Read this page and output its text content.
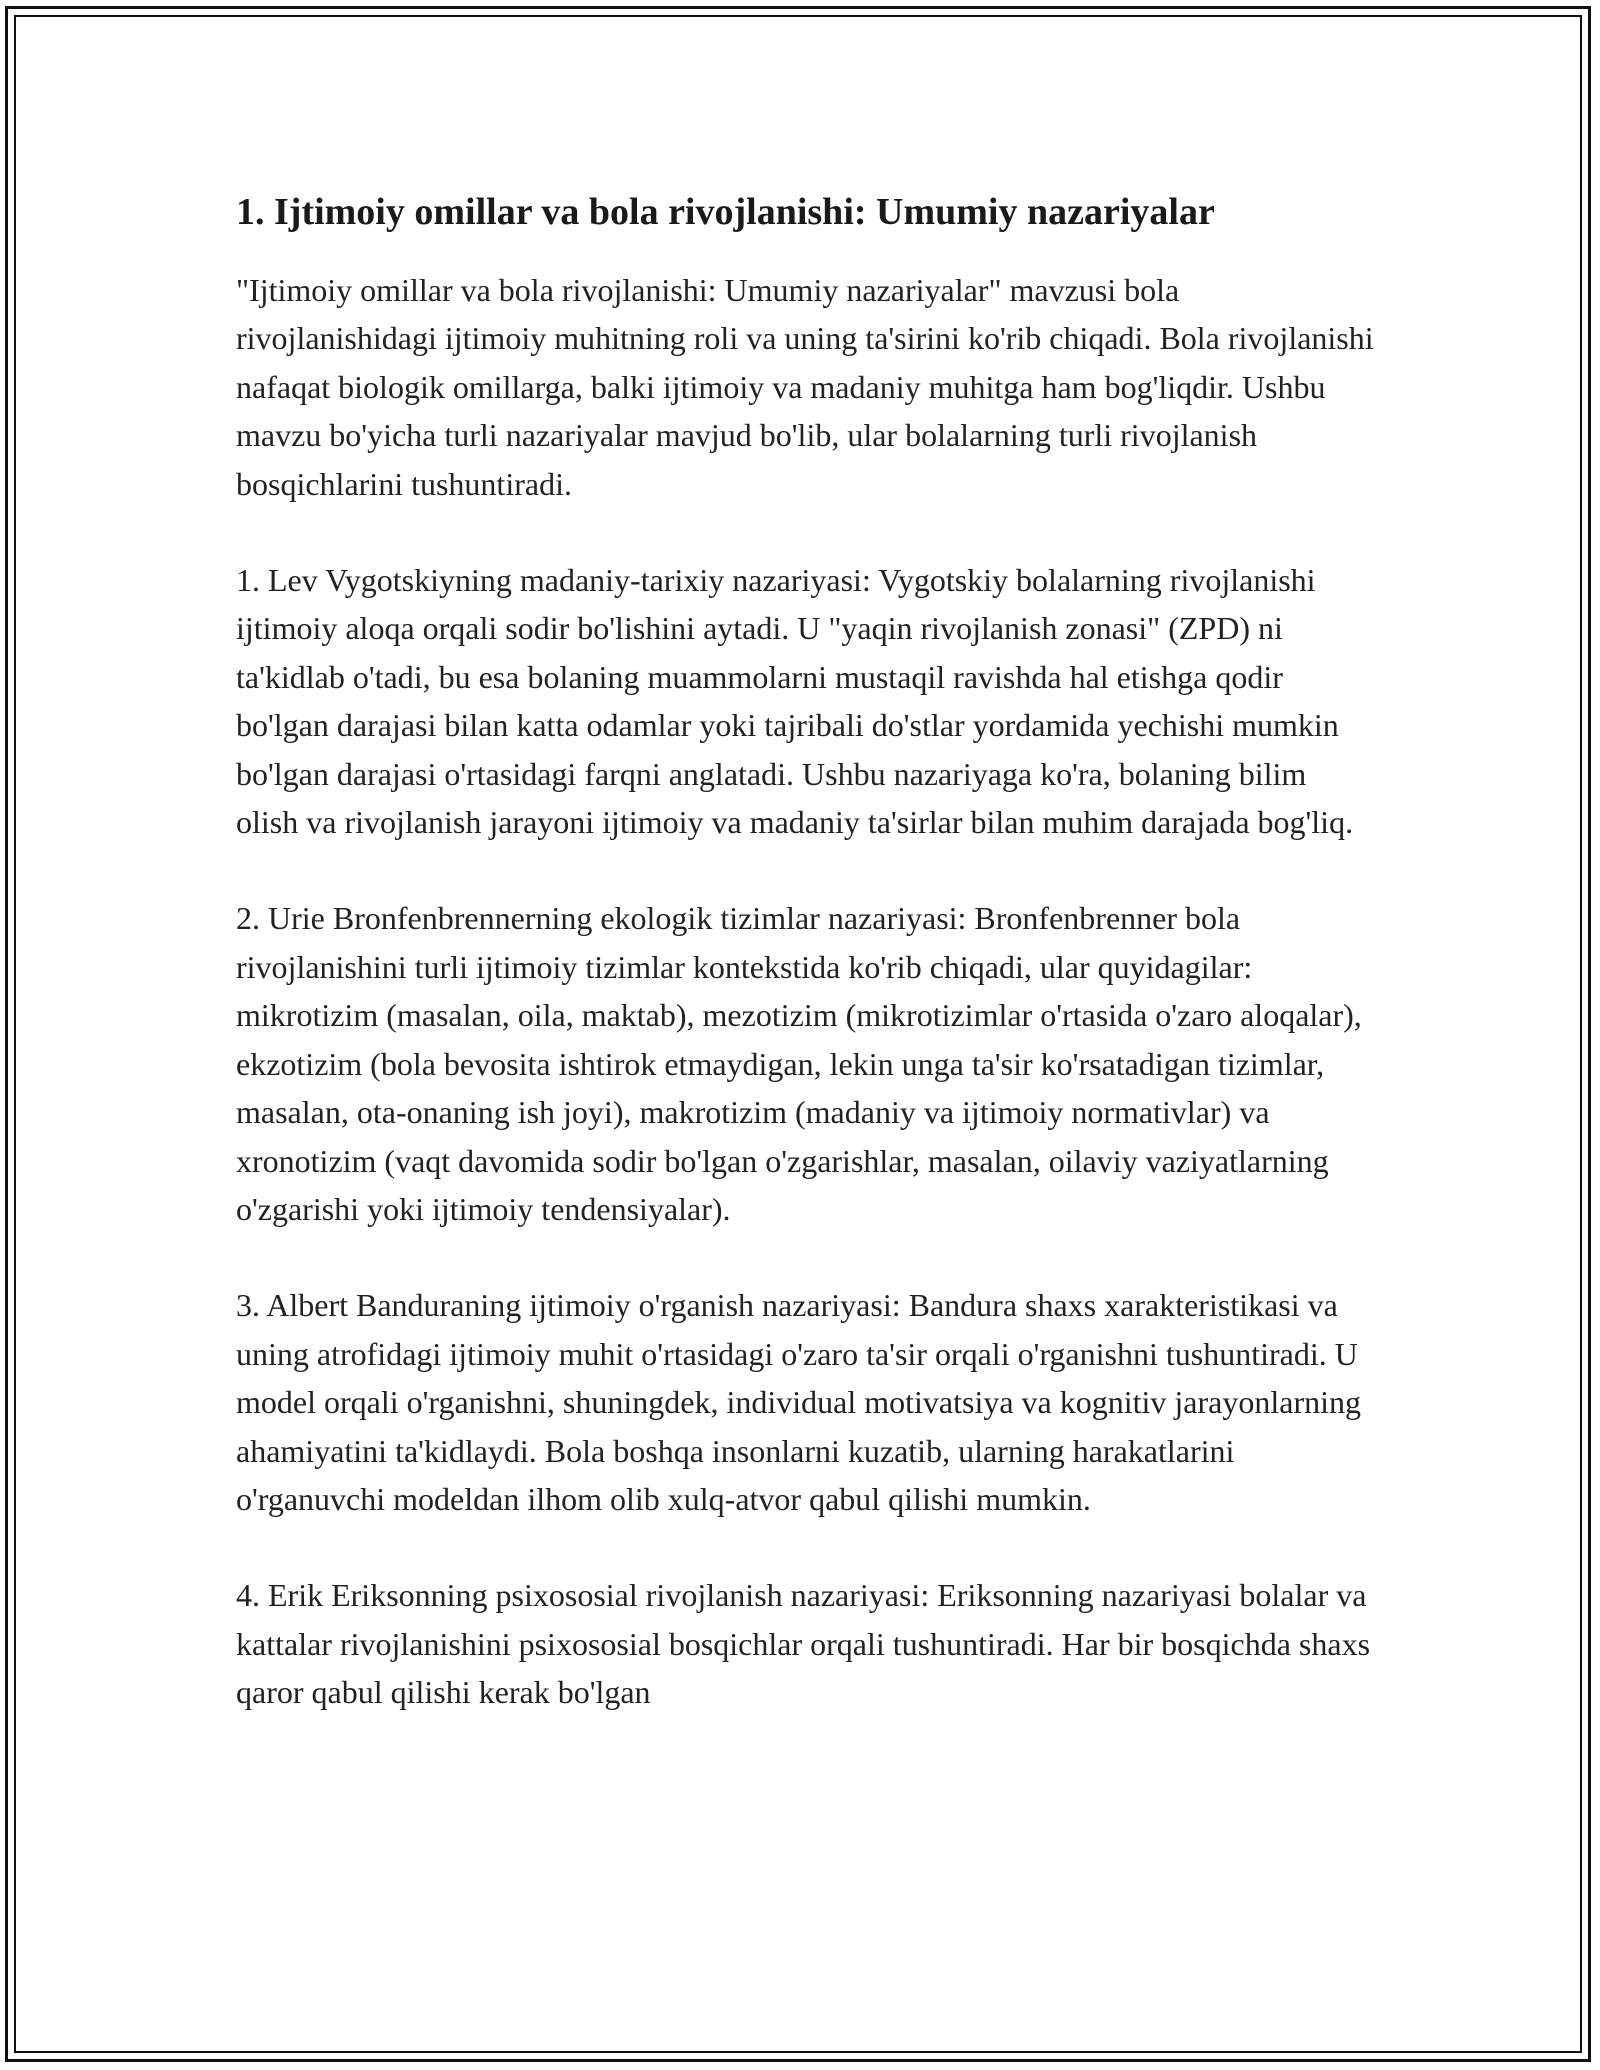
1. Ijtimoiy omillar va bola rivojlanishi: Umumiy nazariyalar

"Ijtimoiy omillar va bola rivojlanishi: Umumiy nazariyalar" mavzusi bola rivojlanishidagi ijtimoiy muhitning roli va uning ta'sirini ko'rib chiqadi. Bola rivojlanishi nafaqat biologik omillarga, balki ijtimoiy va madaniy muhitga ham bog'liqdir. Ushbu mavzu bo'yicha turli nazariyalar mavjud bo'lib, ular bolalarning turli rivojlanish bosqichlarini tushuntiradi.

1. Lev Vygotskiyning madaniy-tarixiy nazariyasi: Vygotskiy bolalarning rivojlanishi ijtimoiy aloqa orqali sodir bo'lishini aytadi. U "yaqin rivojlanish zonasi" (ZPD) ni ta'kidlab o'tadi, bu esa bolaning muammolarni mustaqil ravishda hal etishga qodir bo'lgan darajasi bilan katta odamlar yoki tajribali do'stlar yordamida yechishi mumkin bo'lgan darajasi o'rtasidagi farqni anglatadi. Ushbu nazariyaga ko'ra, bolaning bilim olish va rivojlanish jarayoni ijtimoiy va madaniy ta'sirlar bilan muhim darajada bog'liq.

2. Urie Bronfenbrennerning ekologik tizimlar nazariyasi: Bronfenbrenner bola rivojlanishini turli ijtimoiy tizimlar kontekstida ko'rib chiqadi, ular quyidagilar: mikrotizim (masalan, oila, maktab), mezotizim (mikrotizimlar o'rtasida o'zaro aloqalar), ekzotizim (bola bevosita ishtirok etmaydigan, lekin unga ta'sir ko'rsatadigan tizimlar, masalan, ota-onaning ish joyi), makrotizim (madaniy va ijtimoiy normativlar) va xronotizim (vaqt davomida sodir bo'lgan o'zgarishlar, masalan, oilaviy vaziyatlarning o'zgarishi yoki ijtimoiy tendensiyalar).

3. Albert Banduraning ijtimoiy o'rganish nazariyasi: Bandura shaxs xarakteristikasi va uning atrofidagi ijtimoiy muhit o'rtasidagi o'zaro ta'sir orqali o'rganishni tushuntiradi. U model orqali o'rganishni, shuningdek, individual motivatsiya va kognitiv jarayonlarning ahamiyatini ta'kidlaydi. Bola boshqa insonlarni kuzatib, ularning harakatlarini o'rganuvchi modeldan ilhom olib xulq-atvor qabul qilishi mumkin.

4. Erik Eriksonning psixososial rivojlanish nazariyasi: Eriksonning nazariyasi bolalar va kattalar rivojlanishini psixososial bosqichlar orqali tushuntiradi. Har bir bosqichda shaxs qaror qabul qilishi kerak bo'lgan
